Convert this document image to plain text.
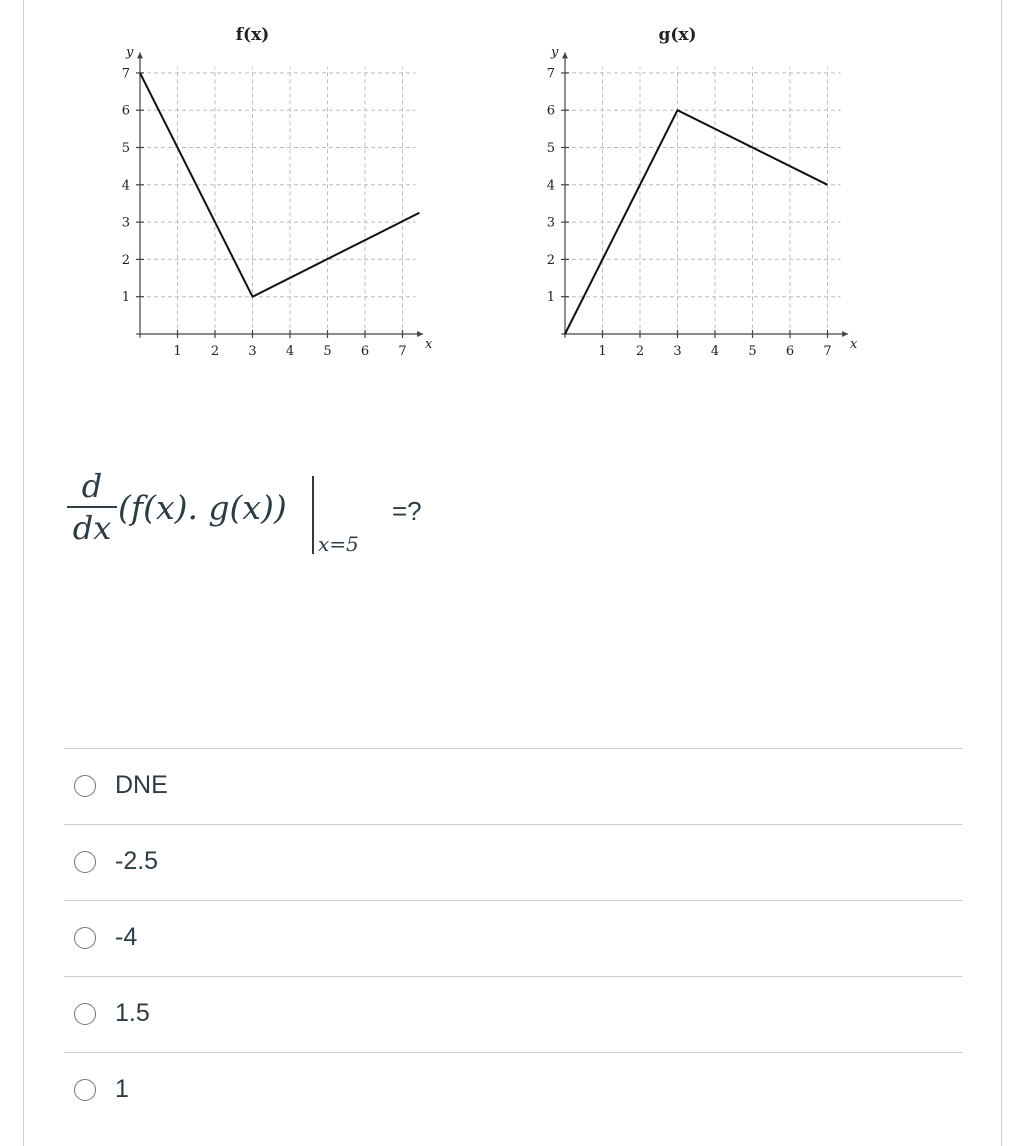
1 2 3 4 5 6 7
1
2
3
4
5
6
7
x
y
f(x)
1 2 3 4 5 6 7
1
2
3
4
5
6
7
x
y
g(x)
d
dx
(f(x). g(x))
x=5
=?
DNE
-2.5
-4
1.5
1
